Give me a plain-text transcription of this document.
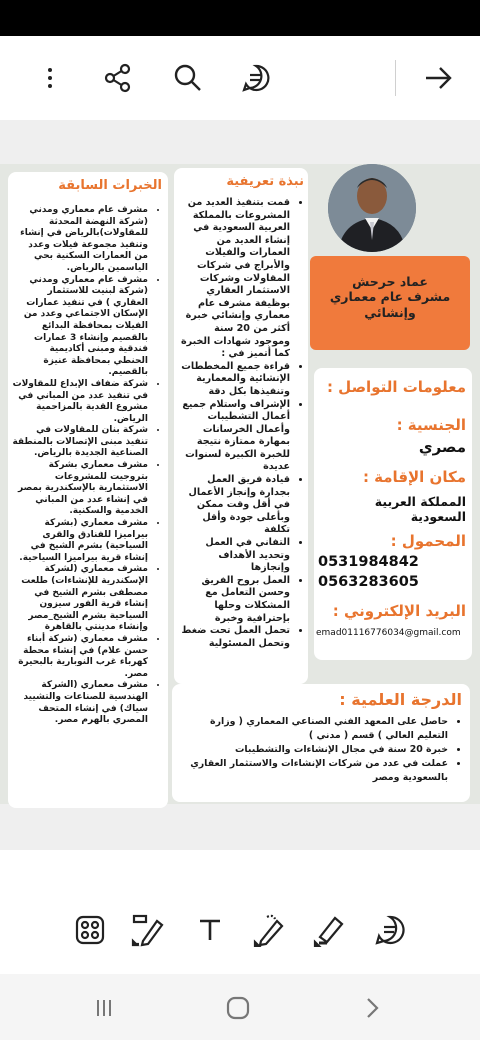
الخبرات السابقة
• مشرف عام معماري ومدني (شركة النهضة المحدثة للمقاولات)بالرياض في إنشاء وتنفيذ مجموعة فيلات وعدد من العمارات السكنية بحي الياسمين بالرياض.
• مشرف عام معماري ومدني (شركة لبنيت للاستثمار العقاري ) في تنفيذ عمارات الإسكان الاجتماعي وعدد من الفيلات بمحافظة البدائع بالقصيم وإنشاء 3 عمارات فندقية ومبنى أكاديمية الحنطي بمحافظة عنيزة بالقصيم.
• شركة ضفاف الإبداع للمقاولات في تنفيذ عدد من المباني في مشروع القدية بالمزاحمية الرياض.
• شركة بنان للمقاولات في تنفيذ مبنى الإتصالات بالمنطقة الصناعية الجديدة بالرياض.
• مشرف معماري بشركة بتروجيت للمشروعات الاستثمارية بالإسكندرية بمصر في إنشاء عدد من المباني الخدمية والسكنية.
• مشرف معماري (بشركة بيراميزا للفنادق والقرى السياحية) بشرم الشيخ في إنشاء قرية بيراميزا السياحية.
• مشرف معماري (لشركة الإسكندرية للإنشاءات) طلعت مصطفى بشرم الشيخ في إنشاء قرية الفور سيزون السياحية بشرم الشيخ_مصر وإنشاء مدينتي بالقاهرة
• مشرف معماري (شركة أبناء حسن علام) في إنشاء محطة كهرباء غرب النوبارية بالبحيرة مصر.
• مشرف معماري (الشركة الهندسية للصناعات والتشييد سياك) في إنشاء المتحف المصري بالهرم مصر.
نبذة تعريفية
• قمت بتنفيذ العديد من المشروعات بالمملكة العربية السعودية في إنشاء العديد من العمارات والفيلات والأبراج في شركات المقاولات وشركات الاستثمار العقاري بوظيفة مشرف عام معماري وإنشائي خبرة أكثر من 20 سنة وموجود شهادات الخبرة كما أتميز في :
• قراءة جميع المخططات الإنشائية والمعمارية وتنفيذها بكل دقة
• الإشراف واستلام جميع أعمال التشطيبات وأعمال الخرسانات بمهارة ممتازة نتيجة للخبرة الكبيرة لسنوات عديدة
• قيادة فريق العمل بجدارة وإنجاز الأعمال في أقل وقت ممكن وبأعلى جودة وأقل تكلفة
• التفاني في العمل وتحديد الأهداف وإنجازها
• العمل بروح الفريق وحسن التعامل مع المشكلات وحلها بإحترافية وخبرة
• تحمل العمل تحت ضغط وتحمل المسئولية
عماد حرحش
مشرف عام معماري وإنشائي
معلومات التواصل :
الجنسية :
مصري
مكان الإقامة :
المملكة العربية السعودية
المحمول :
0531984842
0563283605
البريد الإلكتروني :
emad01116776034@gmail.com
الدرجة العلمية :
• حاصل على المعهد الفني الصناعي المعماري ( وزارة التعليم العالي ) قسم ( مدني )
• خبرة 20 سنة في مجال الإنشاءات والتشطيبات
• عملت في عدد من شركات الإنشاءات والاستثمار العقاري بالسعودية ومصر
